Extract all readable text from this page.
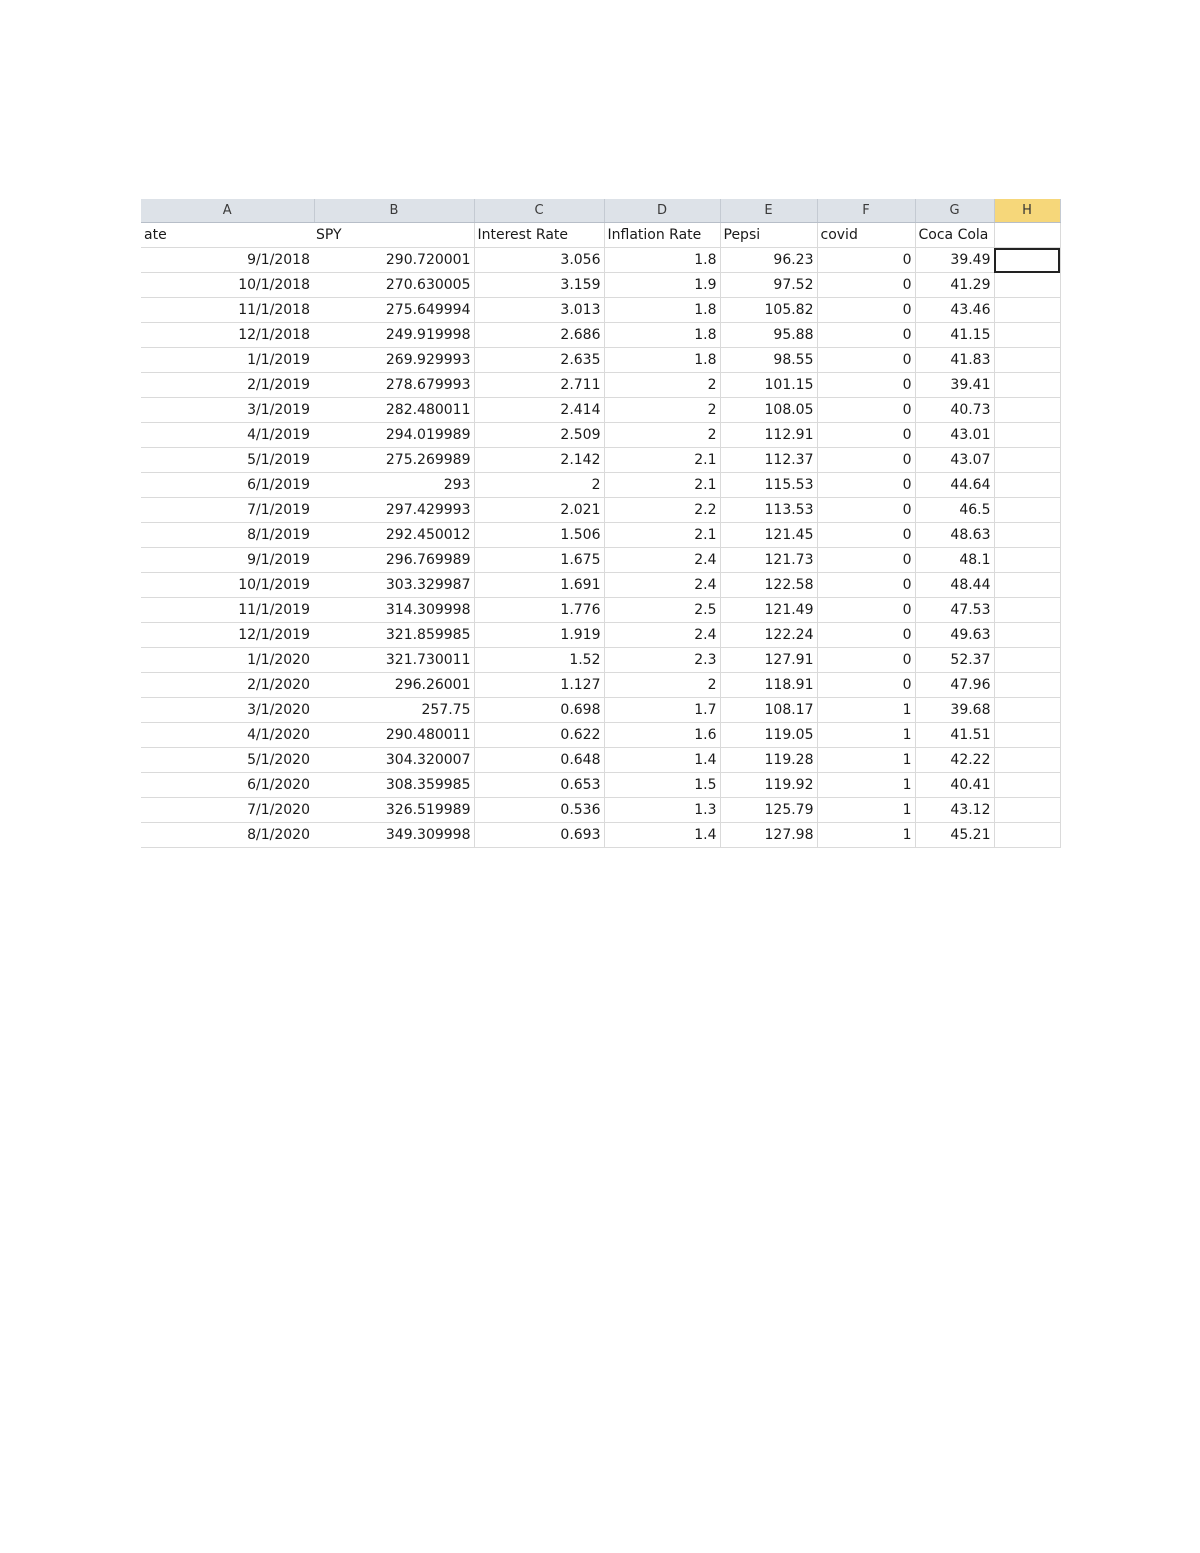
A	B	C	D	E	F	G	H
ate	SPY	Interest Rate	Inflation Rate	Pepsi	covid	Coca Cola	
9/1/2018	290.720001	3.056	1.8	96.23	0	39.49	
10/1/2018	270.630005	3.159	1.9	97.52	0	41.29	
11/1/2018	275.649994	3.013	1.8	105.82	0	43.46	
12/1/2018	249.919998	2.686	1.8	95.88	0	41.15	
1/1/2019	269.929993	2.635	1.8	98.55	0	41.83	
2/1/2019	278.679993	2.711	2	101.15	0	39.41	
3/1/2019	282.480011	2.414	2	108.05	0	40.73	
4/1/2019	294.019989	2.509	2	112.91	0	43.01	
5/1/2019	275.269989	2.142	2.1	112.37	0	43.07	
6/1/2019	293	2	2.1	115.53	0	44.64	
7/1/2019	297.429993	2.021	2.2	113.53	0	46.5	
8/1/2019	292.450012	1.506	2.1	121.45	0	48.63	
9/1/2019	296.769989	1.675	2.4	121.73	0	48.1	
10/1/2019	303.329987	1.691	2.4	122.58	0	48.44	
11/1/2019	314.309998	1.776	2.5	121.49	0	47.53	
12/1/2019	321.859985	1.919	2.4	122.24	0	49.63	
1/1/2020	321.730011	1.52	2.3	127.91	0	52.37	
2/1/2020	296.26001	1.127	2	118.91	0	47.96	
3/1/2020	257.75	0.698	1.7	108.17	1	39.68	
4/1/2020	290.480011	0.622	1.6	119.05	1	41.51	
5/1/2020	304.320007	0.648	1.4	119.28	1	42.22	
6/1/2020	308.359985	0.653	1.5	119.92	1	40.41	
7/1/2020	326.519989	0.536	1.3	125.79	1	43.12	
8/1/2020	349.309998	0.693	1.4	127.98	1	45.21	
